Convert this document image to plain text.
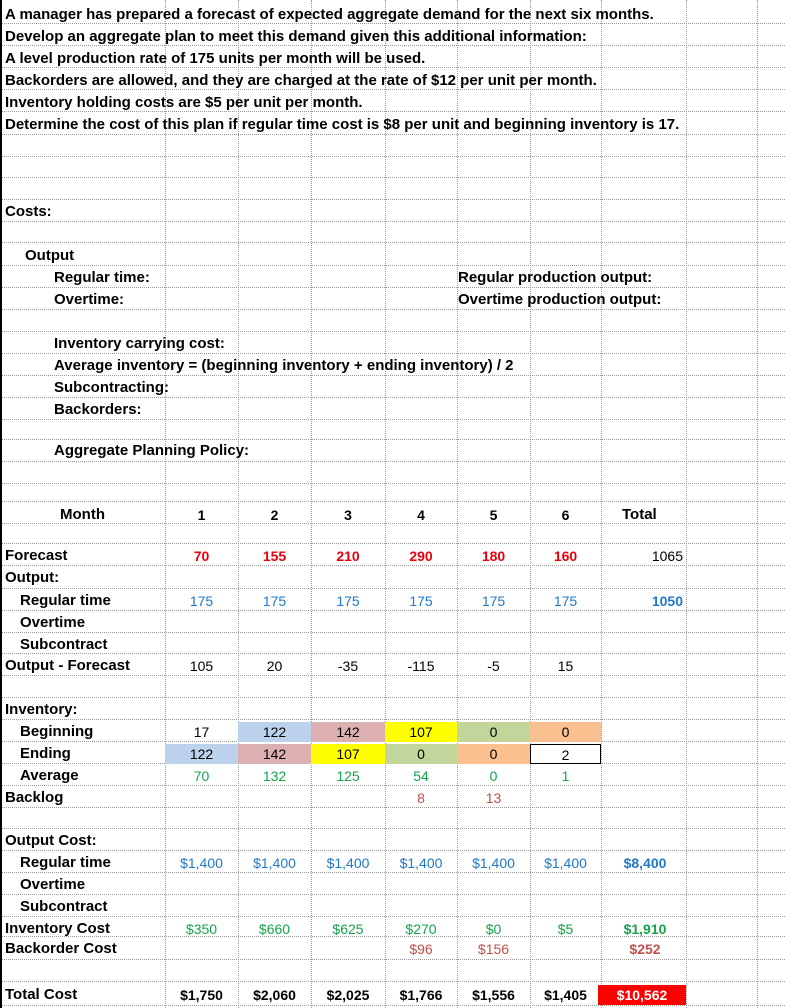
A manager has prepared a forecast of expected aggregate demand for the next six months.
Develop an aggregate plan to meet this demand given this additional information:
A level production rate of 175 units per month will be used.
Backorders are allowed, and they are charged at the rate of $12 per unit per month.
Inventory holding costs are $5 per unit per month.
Determine the cost of this plan if regular time cost is $8 per unit and beginning inventory is 17.
Costs:
Output
Regular time:
Overtime:
Regular production output:
Overtime production output:
Inventory carrying cost:
Average inventory = (beginning inventory + ending inventory) / 2
Subcontracting:
Backorders:
Aggregate Planning Policy:
Month	Total
Forecast
Output:
Regular time
Overtime
Subcontract
Output - Forecast
Inventory:
Beginning
Ending
Average
Backlog
Output Cost:
Regular time
Overtime
Subcontract
Inventory Cost
Backorder Cost
Total Cost
1065
1050
$8,400
$1,910
$252
$10,562
1
70
175
105
70
$1,400
$350
$1,750
2
155
175
20
132
$1,400
$660
$2,060
3
210
175
-35
125
$1,400
$625
$2,025
4
290
175
-115
54
8
$1,400
$270
$96
$1,766
5
180
175
-5
0
13
$1,400
$0
$156
$1,556
6
160
175
15
1
$1,400
$5
$1,405
17
122
122
142
142
107
107
0
0
0
0
2
